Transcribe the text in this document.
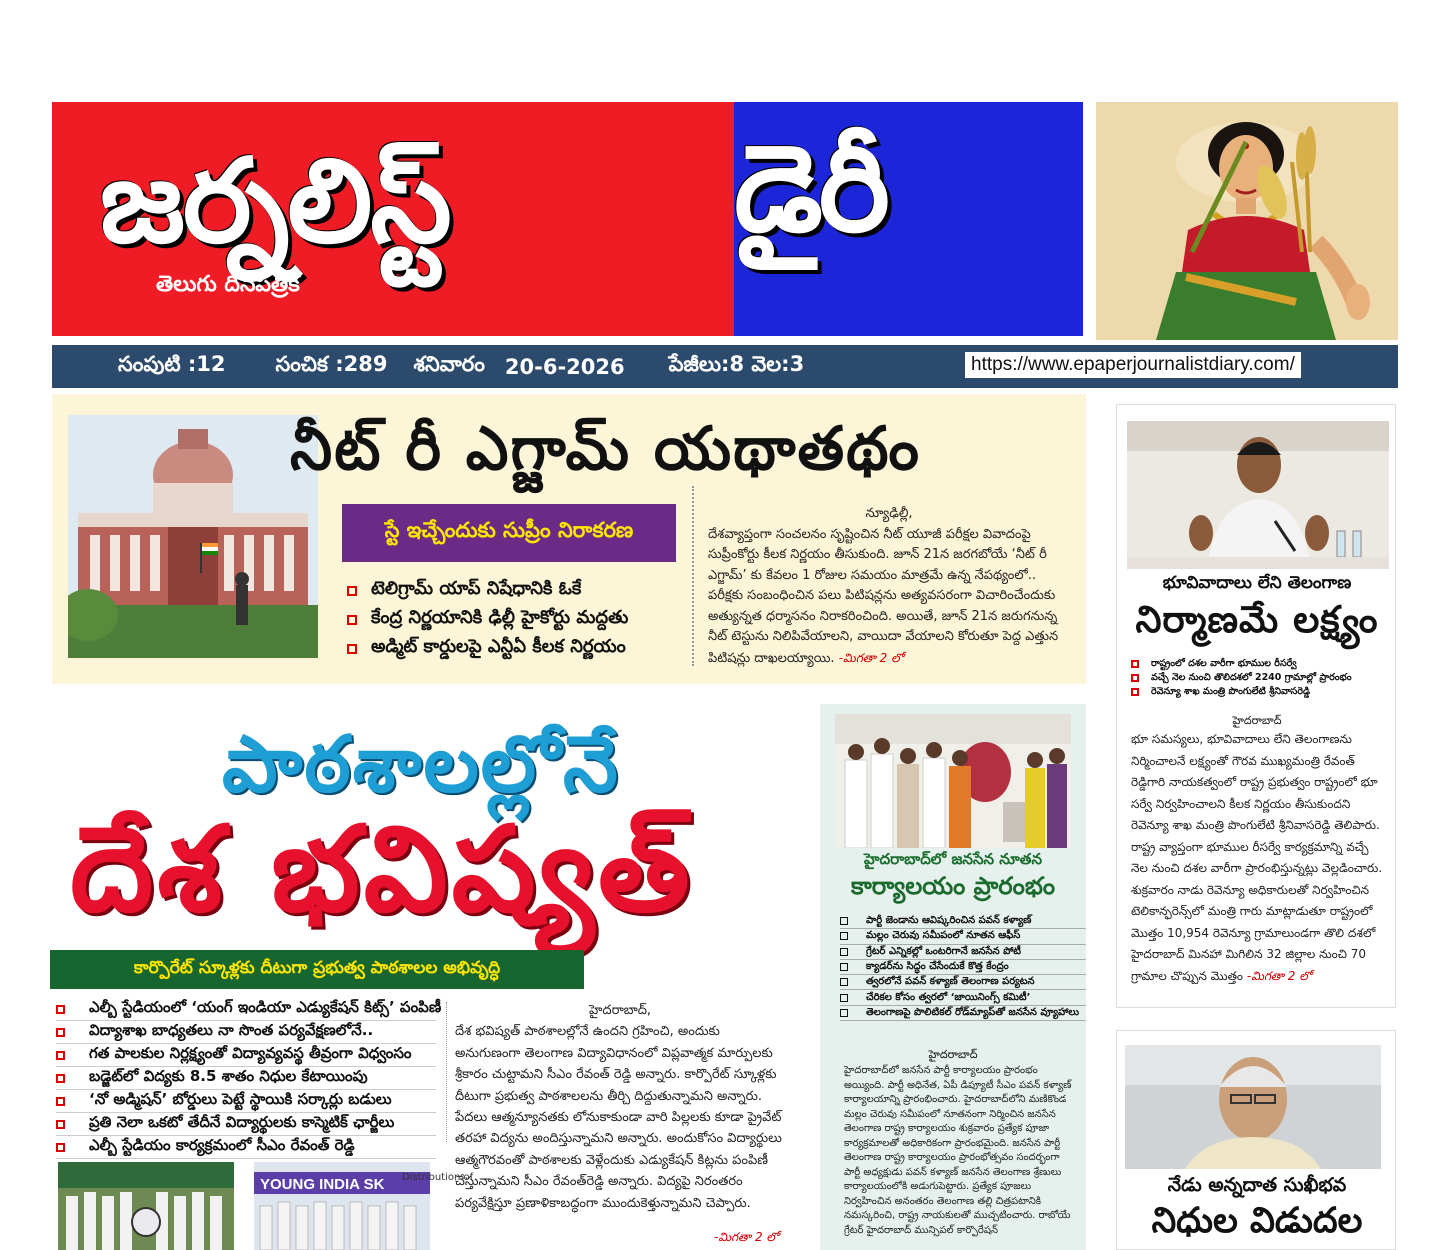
జర్నలిస్ట్
తెలుగు దినపత్రిక
డైరీ
సంపుటి :12 సంచిక :289 శనివారం 20-6-2026 పేజీలు:8 వెల:3	https://www.epaperjournalistdiary.com/
నీట్ రీ ఎగ్జామ్ యథాతథం
స్టే ఇచ్చేందుకు సుప్రీం నిరాకరణ
టెలిగ్రామ్ యాప్ నిషేధానికి ఓకే
కేంద్ర నిర్ణయానికి ఢిల్లీ హైకోర్టు మద్దతు
అడ్మిట్ కార్డులపై ఎన్టీఏ కీలక నిర్ణయం
న్యూఢిల్లీ,

దేశవ్యాప్తంగా సంచలనం సృష్టించిన నీట్ యూజీ పరీక్షల వివాదంపై సుప్రీంకోర్టు కీలక నిర్ణయం తీసుకుంది. జూన్ 21న జరగబోయే ‘నీట్ రీ ఎగ్జామ్’ కు కేవలం 1 రోజుల సమయం మాత్రమే ఉన్న నేపథ్యంలో.. పరీక్షకు సంబంధించిన పలు పిటిషన్లను అత్యవసరంగా విచారించేందుకు అత్యున్నత ధర్మాసనం నిరాకరించింది. అయితే, జూన్ 21న జరుగనున్న నీట్ టెస్టును నిలిపివేయాలని, వాయిదా వేయాలని కోరుతూ పెద్ద ఎత్తున పిటిషన్లు దాఖలయ్యాయి. -మిగతా 2 లో

పాఠశాలల్లోనే
దేశ భవిష్యత్
కార్పొరేట్ స్కూళ్లకు దీటుగా ప్రభుత్వ పాఠశాలల అభివృద్ధి
ఎల్బీ స్టేడియంలో ‘యంగ్ ఇండియా ఎడ్యుకేషన్ కిట్స్’ పంపిణీ
విద్యాశాఖ బాధ్యతలు నా సొంత పర్యవేక్షణలోనే..
గత పాలకుల నిర్లక్ష్యంతో విద్యావ్యవస్థ తీవ్రంగా విధ్వంసం
బడ్జెట్‌లో విద్యకు 8.5 శాతం నిధుల కేటాయింపు
‘నో అడ్మిషన్’ బోర్డులు పెట్టే స్థాయికి సర్కార్లు బడులు
ప్రతి నెలా ఒకటో తేదీనే విద్యార్థులకు కాస్మెటిక్ ఛార్జీలు
ఎల్బీ స్టేడియం కార్యక్రమంలో సీఎం రేవంత్ రెడ్డి
హైదరాబాద్,

దేశ భవిష్యత్ పాఠశాలల్లోనే ఉందని గ్రహించి, అందుకు అనుగుణంగా తెలంగాణ విద్యావిధానంలో విప్లవాత్మక మార్పులకు శ్రీకారం చుట్టామని సీఎం రేవంత్ రెడ్డి అన్నారు. కార్పొరేట్ స్కూళ్లకు దీటుగా ప్రభుత్వ పాఠశాలలను తీర్చి దిద్దుతున్నామని అన్నారు. పేదలు ఆత్మన్యూనతకు లోనుకాకుండా వారి పిల్లలకు కూడా ప్రైవేట్ తరహా విద్యను అందిస్తున్నామని అన్నారు. అందుకోసం విద్యార్థులు ఆత్మగౌరవంతో పాఠశాలకు వెళ్లేందుకు ఎడ్యుకేషన్ కిట్లను పంపిణీ చేస్తున్నామని సీఎం రేవంత్‌రెడ్డి అన్నారు. విద్యపై నిరంతరం పర్యవేక్షిస్తూ ప్రణాళికాబద్ధంగా ముందుకెళ్తున్నామని చెప్పారు.

YOUNG INDIA SK Distribution of
-మిగతా 2 లో
హైదరాబాద్‌లో జనసేన నూతన
కార్యాలయం ప్రారంభం
పార్టీ జెండాను ఆవిష్కరించిన పవన్ కళ్యాణ్
మల్లం చెరువు సమీపంలో నూతన ఆఫీస్
గ్రేటర్ ఎన్నికల్లో ఒంటరిగానే జనసేన పోటీ
క్యాడర్‌ను సిద్ధం చేసేందుకే కొత్త కేంద్రం
త్వరలోనే పవన్ కళ్యాణ్ తెలంగాణ పర్యటన
చేరికల కోసం త్వరలో ‘జాయినింగ్స్ కమిటీ’
తెలంగాణపై పొలిటికల్ రోడ్‌మ్యాప్‌తో జనసేన వ్యూహాలు
హైదరాబాద్
హైదరాబాద్‌లో జనసేన పార్టీ కార్యాలయం ప్రారంభం అయ్యింది. పార్టీ అధినేత, ఏపీ డిప్యూటీ సీఎం పవన్ కళ్యాణ్ కార్యాలయాన్ని ప్రారంభించారు. హైదరాబాద్‌లోని మణికొండ మల్లం చెరువు సమీపంలో నూతనంగా నిర్మించిన జనసేన తెలంగాణ రాష్ట్ర కార్యాలయం శుక్రవారం ప్రత్యేక పూజా కార్యక్రమాలతో అధికారికంగా ప్రారంభమైంది. జనసేన పార్టీ తెలంగాణ రాష్ట్ర కార్యాలయం ప్రారంభోత్సవం సందర్భంగా పార్టీ అధ్యక్షుడు పవన్ కళ్యాణ్ జనసేన తెలంగాణ శ్రేణులు కార్యాలయంలోకి అడుగుపెట్టారు. ప్రత్యేక పూజలు నిర్వహించిన అనంతరం తెలంగాణ తల్లి చిత్రపటానికి నమస్కరించి, రాష్ట్ర నాయకులతో ముచ్చటించారు. రాబోయే గ్రేటర్ హైదరాబాద్ మున్సిపల్ కార్పొరేషన్
భూవివాదాలు లేని తెలంగాణ
నిర్మాణమే లక్ష్యం
రాష్ట్రంలో దశల వారీగా భూముల రీసర్వే
వచ్చే నెల నుంచి తొలిదశలో 2240 గ్రామాల్లో ప్రారంభం
రెవెన్యూ శాఖ మంత్రి పొంగులేటి శ్రీనివాసరెడ్డి
హైదరాబాద్

భూ సమస్యలు, భూవివాదాలు లేని తెలంగాణను నిర్మించాలనే లక్ష్యంతో గౌరవ ముఖ్యమంత్రి రేవంత్ రెడ్డిగారి నాయకత్వంలో రాష్ట్ర ప్రభుత్వం రాష్ట్రంలో భూ సర్వే నిర్వహించాలని కీలక నిర్ణయం తీసుకుందని రెవెన్యూ శాఖ మంత్రి పొంగులేటి శ్రీనివాసరెడ్డి తెలిపారు. రాష్ట్ర వ్యాప్తంగా భూముల రీసర్వే కార్యక్రమాన్ని వచ్చే నెల నుంచి దశల వారీగా ప్రారంభిస్తున్నట్లు వెల్లడించారు. శుక్రవారం నాడు రెవెన్యూ అధికారులతో నిర్వహించిన టెలికాన్ఫరెన్స్‌లో మంత్రి గారు మాట్లాడుతూ రాష్ట్రంలో మొత్తం 10,954 రెవెన్యూ గ్రామాలుండగా తొలి దశలో హైదరాబాద్ మినహా మిగిలిన 32 జిల్లాల నుంచి 70 గ్రామాల చొప్పున మొత్తం -మిగతా 2 లో

నేడు అన్నదాత సుఖీభవ
నిధుల విడుదల
